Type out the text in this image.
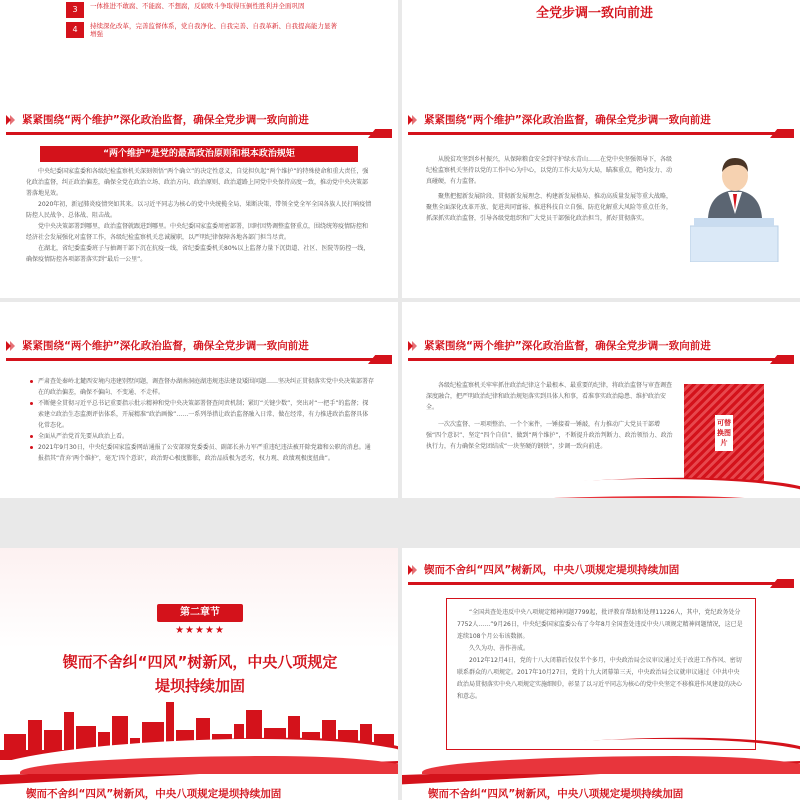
3	一体推进不敢腐、不能腐、不想腐，反腐败斗争取得压倒性胜利并全面巩固
4	持续深化改革，完善监督体系，党自我净化、自我完善、自我革新、自我提高能力显著增强
全党步调一致向前进
紧紧围绕“两个维护”深化政治监督，确保全党步调一致向前进
“两个维护”是党的最高政治原则和根本政治规矩

中央纪委国家监委和各级纪检监察机关深刻领悟“两个确立”的决定性意义，自觉担负起“两个维护”的特殊使命和重大责任，强化政治监督，纠正政治偏差，确保全党在政治立场、政治方向、政治原则、政治道路上同党中央保持高度一致，推动党中央决策部署落地见效。

2020年初，新冠肺炎疫情突如其来。以习近平同志为核心的党中央统揽全局、果断决策，带领全党全军全国各族人民打响疫情防控人民战争、总体战、阻击战。

党中央决策部署到哪里，政治监督就跟进到哪里。中央纪委国家监委周密部署，因时因势调整监督重点，围绕统筹疫情防控和经济社会发展强化对监督工作，各级纪检监察机关忠诚履职，以严明纪律保障各地各部门担当尽责。

在湖北，省纪委监委班子与抽调干部下沉在抗疫一线，省纪委监委机关80%以上监督力量下沉街道、社区、医院等防控一线，确保疫情防控各项部署落实到“最后一公里”。

紧紧围绕“两个维护”深化政治监督，确保全党步调一致向前进

从脱贫攻坚到乡村振兴，从保障粮食安全到守护绿水青山……在党中央坚强领导下，各级纪检监察机关坚持以党的工作中心为中心，以党的工作大局为大局，瞄准重点，靶向发力、动真碰硬，有力监督。

聚焦把握新发展阶段、贯彻新发展理念、构建新发展格局、推动高质量发展等重大战略，聚焦全面深化改革开放、促进共同富裕、推进科技自立自强、防范化解重大风险等重点任务，抓深抓实政治监督，引导各级党组织和广大党员干部强化政治担当，抓好贯彻落实。

紧紧围绕“两个维护”深化政治监督，确保全党步调一致向前进
严肃查处秦岭北麓西安境内违建别墅问题，调查督办湖南洞庭湖违规违法建设矮围问题……坚决纠正贯彻落实党中央决策部署存在的政治偏差，确保不偏向、不变通、不走样。
不断健全贯彻习近平总书记重要指示批示精神和党中央决策部署督查问责机制；紧盯“关键少数”，突出对“一把手”的监督；探索建立政治生态监测评估体系，开展精准“政治画像”……一系列举措让政治监督融入日常、做在经常，有力推进政治监督具体化常态化。
全面从严治党首先要从政治上看。
2021年9月30日，中央纪委国家监委网站通报了公安部原党委委员、副部长孙力军严重违纪违法被开除党籍和公职的消息。通报指其“背弃‘两个维护’，毫无‘四个意识’，政治野心极度膨胀，政治品质极为恶劣，权力观、政绩观极度扭曲”。
紧紧围绕“两个维护”深化政治监督，确保全党步调一致向前进

各级纪检监察机关牢牢抓住政治纪律这个最根本、最重要的纪律，将政治监督与审查调查深度融合，把严明政治纪律和政治规矩落实到具体人和事，看准事实政治隐患、维护政治安全。

一次次监督、一项项整治、一个个案件，一锤接着一锤敲，有力推动广大党员干部增强“四个意识”、坚定“四个自信”、做到“两个维护”，不断提升政治判断力、政治领悟力、政治执行力，有力确保全党团结成“一块坚硬的钢铁”，步调一致向前进。

可替换图片
锲而不舍纠“四风”树新风，中央八项规定堤坝持续加固
第二章节
★★★★★
锲而不舍纠“四风”树新风，中央八项规定
堤坝持续加固
锲而不舍纠“四风”树新风，中央八项规定堤坝持续加固
锲而不舍纠“四风”树新风，中央八项规定堤坝持续加固

“全国共查处违反中央八项规定精神问题7799起，批评教育帮助和处理11226人，其中，党纪政务处分7752人……”9月26日，中央纪委国家监委公布了今年8月全国查处违反中央八项规定精神问题情况，这已是连续108个月公布该数据。

久久为功、善作善成。

2012年12月4日，党的十八大闭幕后仅仅半个多月，中央政治局会议审议通过关于改进工作作风、密切联系群众的八项规定。2017年10月27日，党的十九大闭幕第三天，中央政治局会议就审议通过《中共中央政治局贯彻落实中央八项规定实施细则》，彰显了以习近平同志为核心的党中央坚定不移推进作风建设的决心和意志。
